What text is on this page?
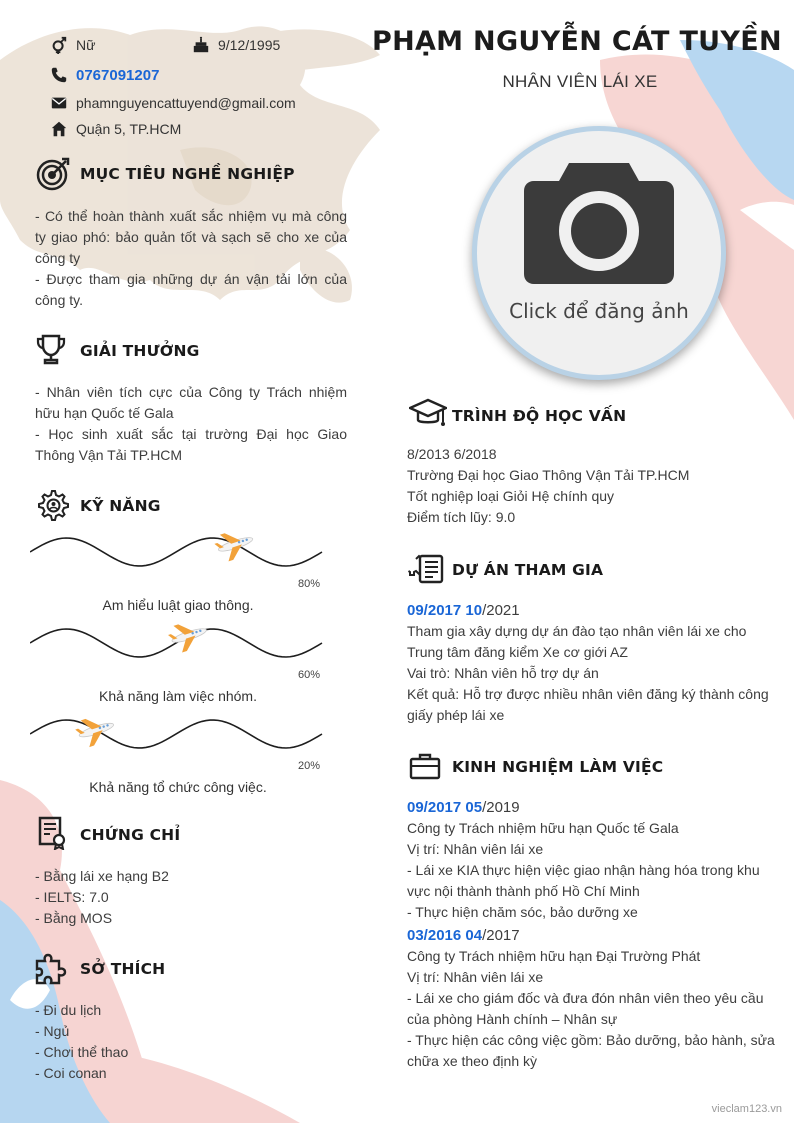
Nữ	9/12/1995
0767091207
phamnguyencattuyend@gmail.com
Quận 5, TP.HCM
PHẠM NGUYỄN CÁT TUYỀN
NHÂN VIÊN LÁI XE
Click để đăng ảnh
MỤC TIÊU NGHỀ NGHIỆP
- Có thể hoàn thành xuất sắc nhiệm vụ mà công ty giao phó: bảo quản tốt và sạch sẽ cho xe của công ty
- Được tham gia những dự án vận tải lớn của công ty.
GIẢI THƯỞNG
- Nhân viên tích cực của Công ty Trách nhiệm hữu hạn Quốc tế Gala
- Học sinh xuất sắc tại trường Đại học Giao Thông Vận Tải TP.HCM
KỸ NĂNG
80%
Am hiểu luật giao thông.
60%
Khả năng làm việc nhóm.
20%
Khả năng tổ chức công việc.
CHỨNG CHỈ
- Bằng lái xe hạng B2
- IELTS: 7.0
- Bằng MOS
SỞ THÍCH
- Đi du lịch
- Ngủ
- Chơi thể thao
- Coi conan
TRÌNH ĐỘ HỌC VẤN
8/2013 6/2018
Trường Đại học Giao Thông Vận Tải TP.HCM
Tốt nghiệp loại Giỏi Hệ chính quy
Điểm tích lũy: 9.0
DỰ ÁN THAM GIA
09/2017 10/2021
Tham gia xây dựng dự án đào tạo nhân viên lái xe cho Trung tâm đăng kiểm Xe cơ giới AZ
Vai trò: Nhân viên hỗ trợ dự án
Kết quả: Hỗ trợ được nhiều nhân viên đăng ký thành công giấy phép lái xe
KINH NGHIỆM LÀM VIỆC
09/2017 05/2019
Công ty Trách nhiệm hữu hạn Quốc tế Gala
Vị trí: Nhân viên lái xe
- Lái xe KIA thực hiện việc giao nhận hàng hóa trong khu vực nội thành thành phố Hồ Chí Minh
- Thực hiện chăm sóc, bảo dưỡng xe
03/2016 04/2017
Công ty Trách nhiệm hữu hạn Đại Trường Phát
Vị trí: Nhân viên lái xe
- Lái xe cho giám đốc và đưa đón nhân viên theo yêu cầu của phòng Hành chính – Nhân sự
- Thực hiện các công việc gồm: Bảo dưỡng, bảo hành, sửa chữa xe theo định kỳ
vieclam123.vn
